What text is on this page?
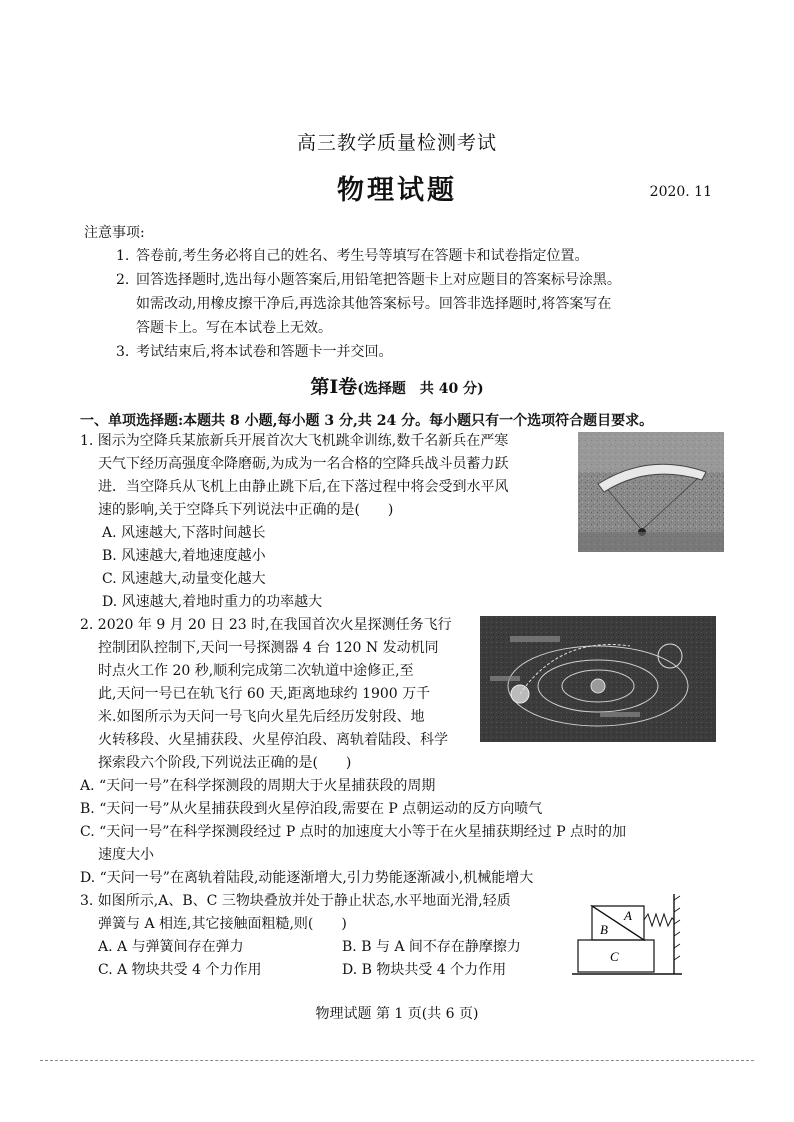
高三教学质量检测考试
物理试题	2020. 11
注意事项:
1. 答卷前,考生务必将自己的姓名、考生号等填写在答题卡和试卷指定位置。
2. 回答选择题时,选出每小题答案后,用铅笔把答题卡上对应题目的答案标号涂黑。
如需改动,用橡皮擦干净后,再选涂其他答案标号。回答非选择题时,将答案写在
答题卡上。写在本试卷上无效。
3. 考试结束后,将本试卷和答题卡一并交回。
第Ⅰ卷(选择题　共 40 分)
一、单项选择题:本题共 8 小题,每小题 3 分,共 24 分。每小题只有一个选项符合题目要求。
1. 图示为空降兵某旅新兵开展首次大飞机跳伞训练,数千名新兵在严寒
天气下经历高强度伞降磨砺,为成为一名合格的空降兵战斗员蓄力跃
进．当空降兵从飞机上由静止跳下后,在下落过程中将会受到水平风
速的影响,关于空降兵下列说法中正确的是(　　)
A. 风速越大,下落时间越长
B. 风速越大,着地速度越小
C. 风速越大,动量变化越大
D. 风速越大,着地时重力的功率越大
2. 2020 年 9 月 20 日 23 时,在我国首次火星探测任务飞行
控制团队控制下,天问一号探测器 4 台 120 N 发动机同
时点火工作 20 秒,顺利完成第二次轨道中途修正,至
此,天问一号已在轨飞行 60 天,距离地球约 1900 万千
米.如图所示为天问一号飞向火星先后经历发射段、地
火转移段、火星捕获段、火星停泊段、离轨着陆段、科学
探索段六个阶段,下列说法正确的是(　　)
A. “天问一号”在科学探测段的周期大于火星捕获段的周期
B. “天问一号”从火星捕获段到火星停泊段,需要在 P 点朝运动的反方向喷气
C. “天问一号”在科学探测段经过 P 点时的加速度大小等于在火星捕获期经过 P 点时的加
速度大小
D. “天问一号”在离轨着陆段,动能逐渐增大,引力势能逐渐减小,机械能增大
3. 如图所示,A、B、C 三物块叠放并处于静止状态,水平地面光滑,轻质
弹簧与 A 相连,其它接触面粗糙,则(　　)
A. A 与弹簧间存在弹力	B. B 与 A 间不存在静摩擦力
C. A 物块共受 4 个力作用	D. B 物块共受 4 个力作用
A
B
C
物理试题 第 1 页(共 6 页)
